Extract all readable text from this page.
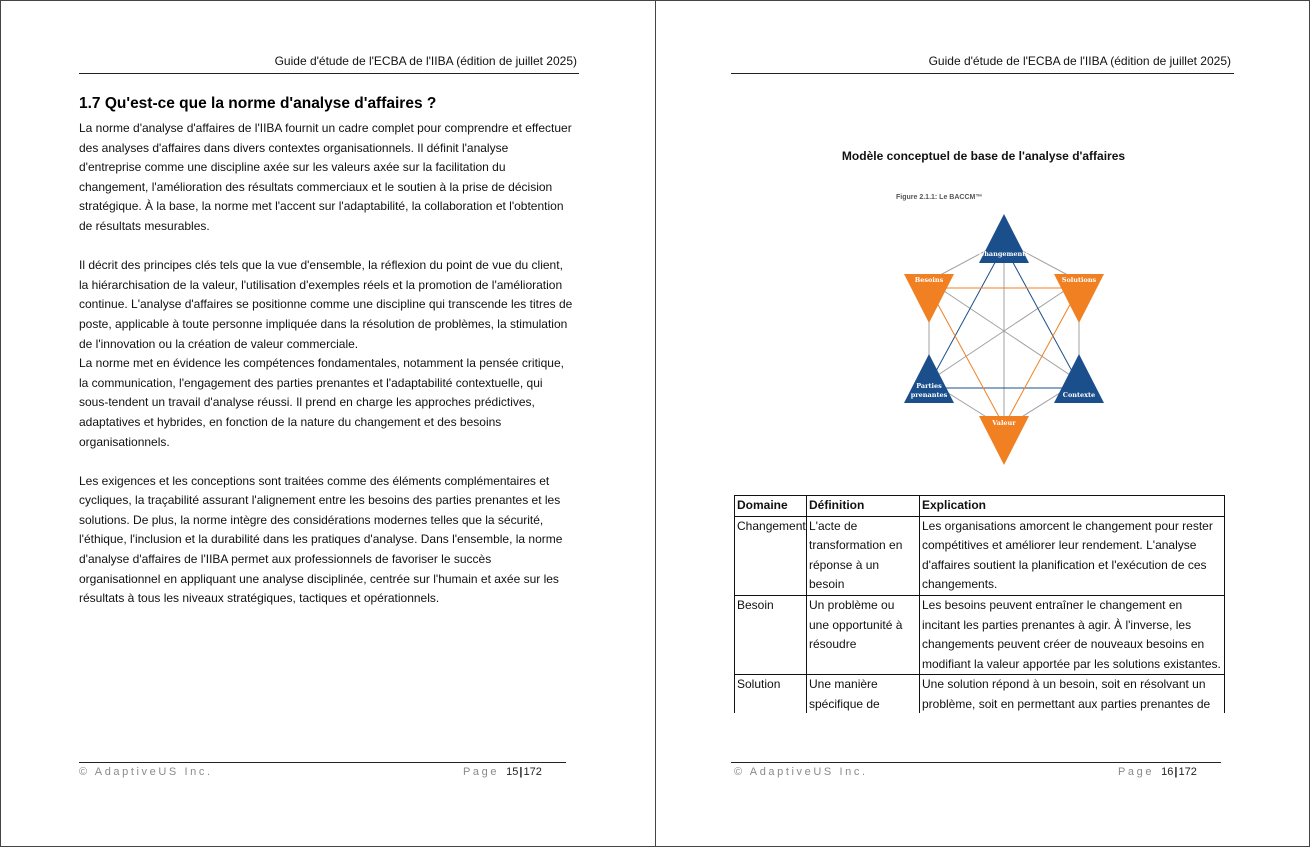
Guide d'étude de l'ECBA de l'IIBA (édition de juillet 2025)
1.7 Qu'est-ce que la norme d'analyse d'affaires ?

La norme d'analyse d'affaires de l'IIBA fournit un cadre complet pour comprendre et effectuer des analyses d'affaires dans divers contextes organisationnels. Il définit l'analyse d'entreprise comme une discipline axée sur les valeurs axée sur la facilitation du changement, l'amélioration des résultats commerciaux et le soutien à la prise de décision stratégique. À la base, la norme met l'accent sur l'adaptabilité, la collaboration et l'obtention de résultats mesurables.

Il décrit des principes clés tels que la vue d'ensemble, la réflexion du point de vue du client, la hiérarchisation de la valeur, l'utilisation d'exemples réels et la promotion de l'amélioration continue. L'analyse d'affaires se positionne comme une discipline qui transcende les titres de poste, applicable à toute personne impliquée dans la résolution de problèmes, la stimulation de l'innovation ou la création de valeur commerciale.

La norme met en évidence les compétences fondamentales, notamment la pensée critique, la communication, l'engagement des parties prenantes et l'adaptabilité contextuelle, qui sous-tendent un travail d'analyse réussi. Il prend en charge les approches prédictives, adaptatives et hybrides, en fonction de la nature du changement et des besoins organisationnels.

Les exigences et les conceptions sont traitées comme des éléments complémentaires et cycliques, la traçabilité assurant l'alignement entre les besoins des parties prenantes et les solutions. De plus, la norme intègre des considérations modernes telles que la sécurité, l'éthique, l'inclusion et la durabilité dans les pratiques d'analyse. Dans l'ensemble, la norme d'analyse d'affaires de l'IIBA permet aux professionnels de favoriser le succès organisationnel en appliquant une analyse disciplinée, centrée sur l'humain et axée sur les résultats à tous les niveaux stratégiques, tactiques et opérationnels.

© AdaptiveUS Inc.	Page 15|172
Guide d'étude de l'ECBA de l'IIBA (édition de juillet 2025)
Modèle conceptuel de base de l'analyse d'affaires
Figure 2.1.1: Le BACCM™
Changements
Besoins	Solutions
Parties
prenantes	Contexte
Valeur
Domaine	Définition	Explication
Changement	L'acte de transformation en réponse à un besoin	Les organisations amorcent le changement pour rester compétitives et améliorer leur rendement. L'analyse d'affaires soutient la planification et l'exécution de ces changements.
Besoin	Un problème ou une opportunité à résoudre	Les besoins peuvent entraîner le changement en incitant les parties prenantes à agir. À l'inverse, les changements peuvent créer de nouveaux besoins en modifiant la valeur apportée par les solutions existantes.
Solution	Une manière spécifique de	Une solution répond à un besoin, soit en résolvant un problème, soit en permettant aux parties prenantes de
© AdaptiveUS Inc.	Page 16|172
